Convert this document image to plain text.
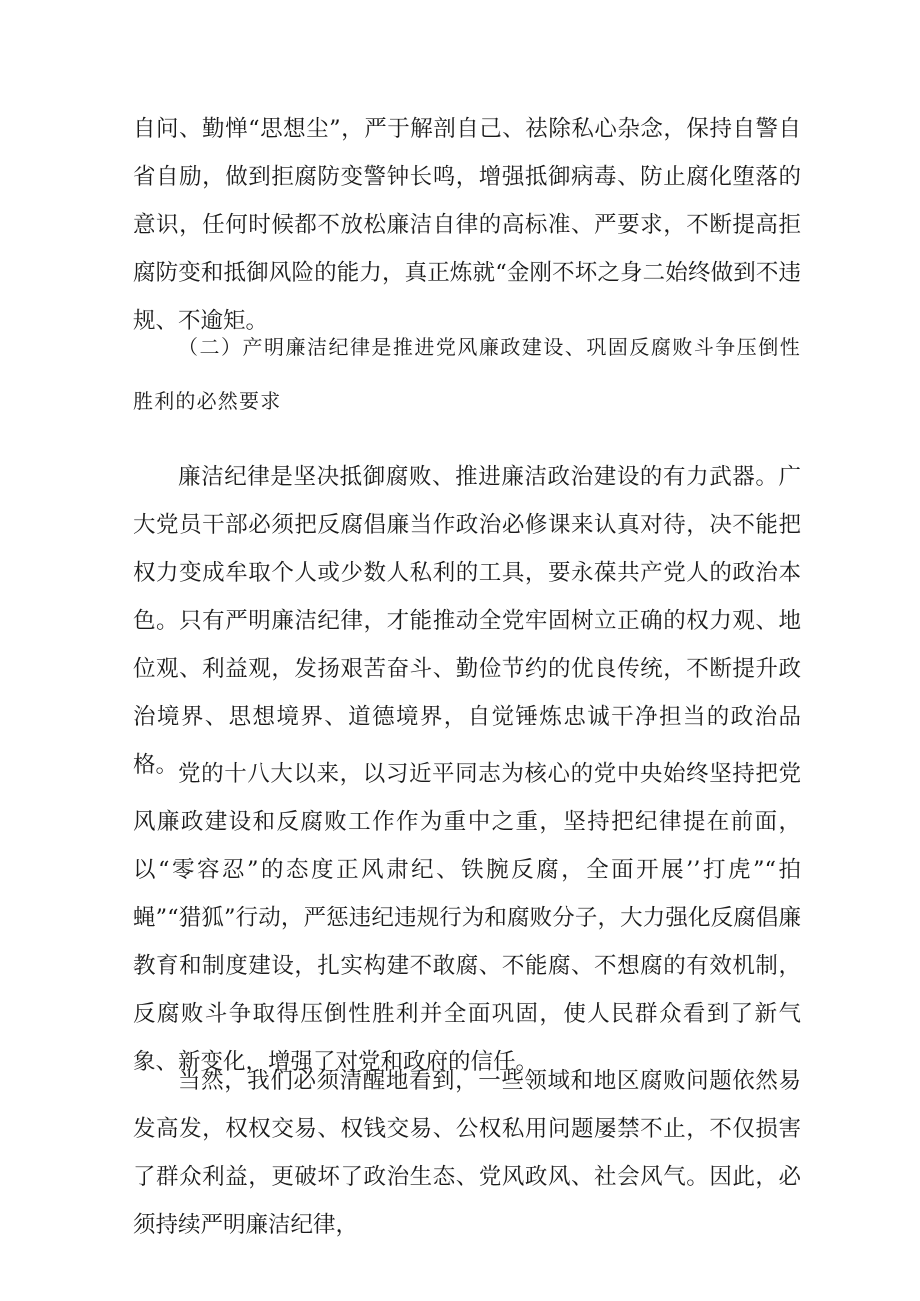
自问、勤惮“思想尘”，严于解剖自己、祛除私心杂念，保持自警自省自励，做到拒腐防变警钟长鸣，增强抵御病毒、防止腐化堕落的意识，任何时候都不放松廉洁自律的高标准、严要求，不断提高拒腐防变和抵御风险的能力，真正炼就“金刚不坏之身二始终做到不违规、不逾矩。

（二）产明廉洁纪律是推进党风廉政建设、巩固反腐败斗争压倒性胜利的必然要求

廉洁纪律是坚决抵御腐败、推进廉洁政治建设的有力武器。广大党员干部必须把反腐倡廉当作政治必修课来认真对待，决不能把权力变成牟取个人或少数人私利的工具，要永葆共产党人的政治本色。只有严明廉洁纪律，才能推动全党牢固树立正确的权力观、地位观、利益观，发扬艰苦奋斗、勤俭节约的优良传统，不断提升政治境界、思想境界、道德境界，自觉锤炼忠诚干净担当的政治品格。 党的十八大以来，以习近平同志为核心的党中央始终坚持把党风廉政建设和反腐败工作作为重中之重，坚持把纪律提在前面，以“零容忍”的态度正风肃纪、铁腕反腐，全面开展’’打虎”“拍蝇”“猎狐”行动，严惩违纪违规行为和腐败分子，大力强化反腐倡廉教育和制度建设，扎实构建不敢腐、不能腐、不想腐的有效机制，反腐败斗争取得压倒性胜利并全面巩固，使人民群众看到了新气象、新变化，增强了对党和政府的信任。

当然，我们必须清醒地看到，一些领域和地区腐败问题依然易发高发，权权交易、权钱交易、公权私用问题屡禁不止，不仅损害了群众利益，更破坏了政治生态、党风政风、社会风气。因此，必须持续严明廉洁纪律，
